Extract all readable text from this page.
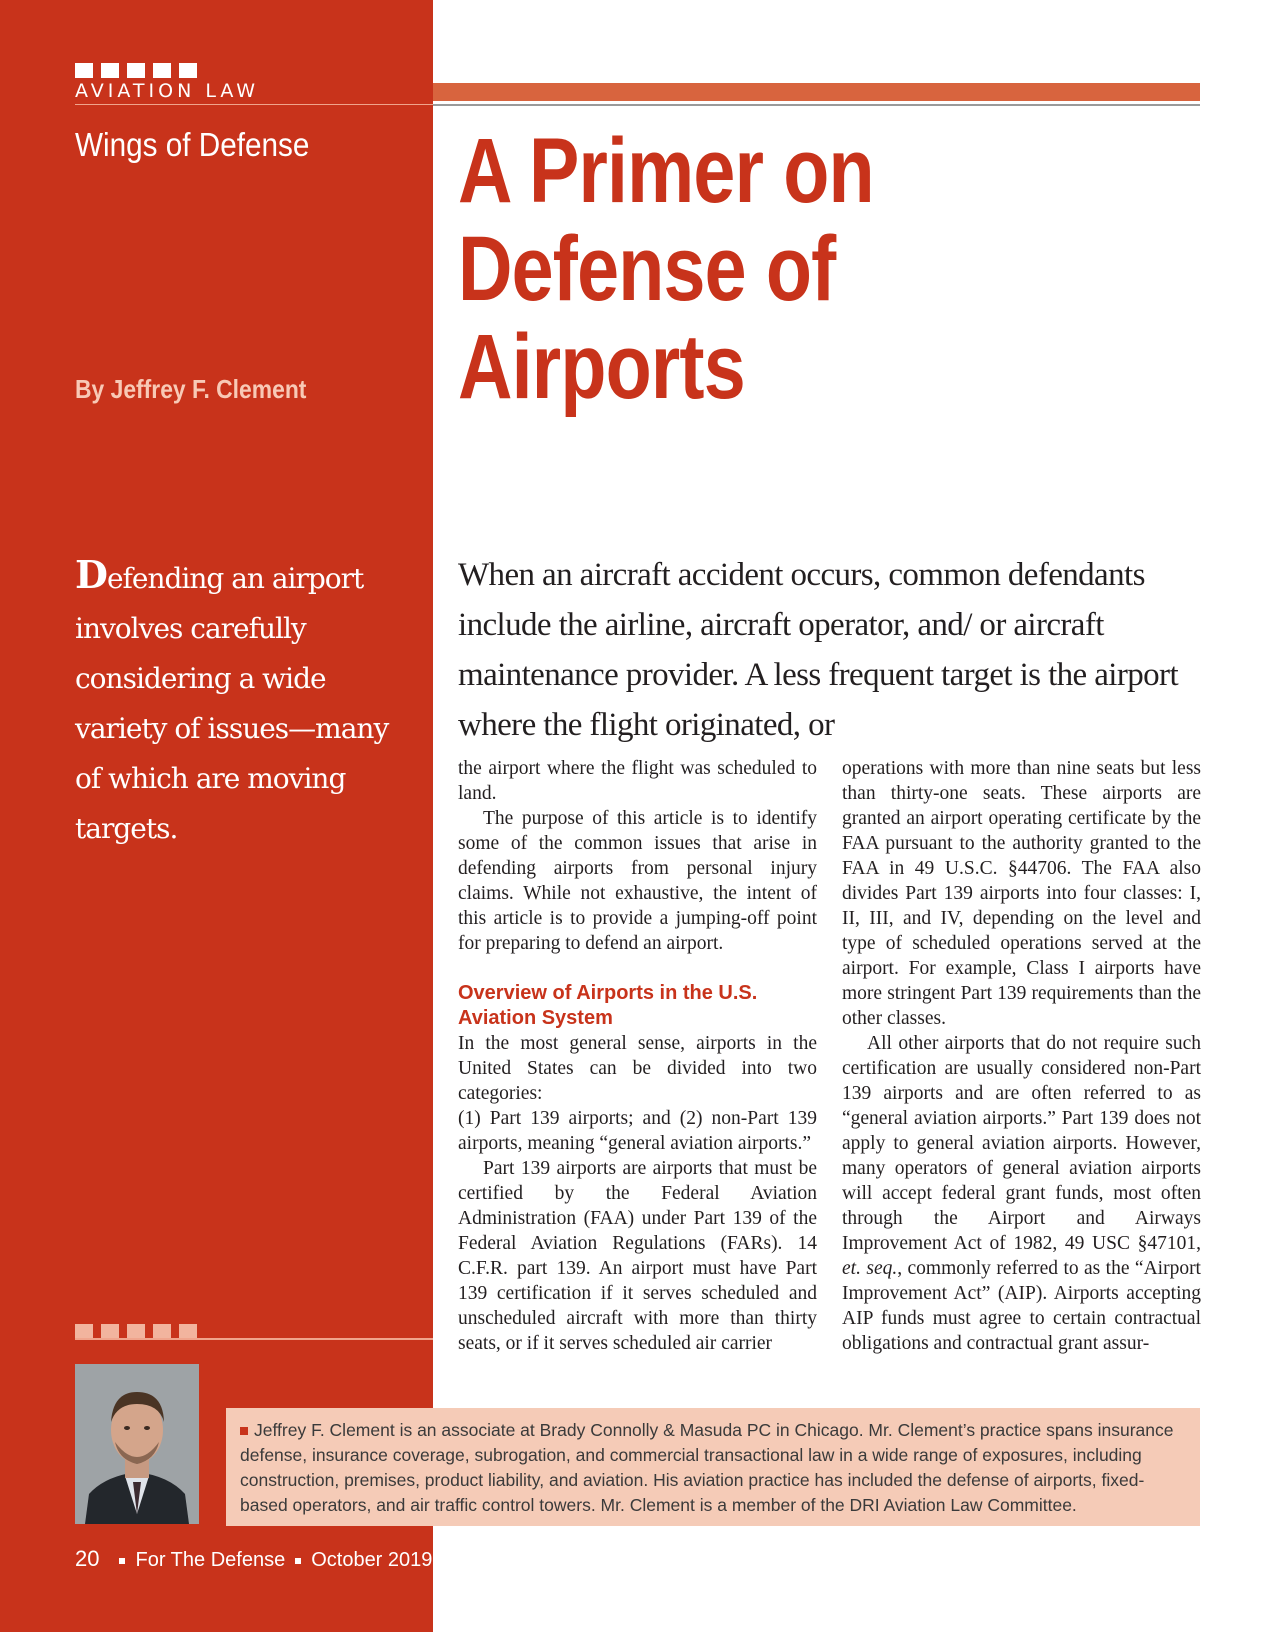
AVIATION LAW
Wings of Defense A Primer on Defense of Airports
By Jeffrey F. Clement
Defending an airport involves carefully considering a wide variety of issues—many of which are moving targets.
When an aircraft accident occurs, common defendants include the airline, aircraft operator, and/ or aircraft maintenance provider. A less frequent target is the airport where the flight originated, or

the airport where the flight was scheduled to land.

The purpose of this article is to identify some of the common issues that arise in defending airports from personal injury claims. While not exhaustive, the intent of this article is to provide a jumping-off point for preparing to defend an airport.

Overview of Airports in the U.S. Aviation System

In the most general sense, airports in the United States can be divided into two categories:

(1) Part 139 airports; and (2) non-Part 139 airports, meaning “general aviation airports.”

Part 139 airports are airports that must be certified by the Federal Aviation Administration (FAA) under Part 139 of the Federal Aviation Regulations (FARs). 14 C.F.R. part 139. An airport must have Part 139 certification if it serves scheduled and unscheduled aircraft with more than thirty seats, or if it serves scheduled air carrier

operations with more than nine seats but less than thirty-one seats. These airports are granted an airport operating certificate by the FAA pursuant to the authority granted to the FAA in 49 U.S.C. §44706. The FAA also divides Part 139 airports into four classes: I, II, III, and IV, depending on the level and type of scheduled operations served at the airport. For example, Class I airports have more stringent Part 139 requirements than the other classes.

All other airports that do not require such certification are usually considered non-Part 139 airports and are often referred to as “general aviation airports.” Part 139 does not apply to general aviation airports. However, many operators of general aviation airports will accept federal grant funds, most often through the Airport and Airways Improvement Act of 1982, 49 USC §47101, et. seq., commonly referred to as the “Airport Improvement Act” (AIP). Airports accepting AIP funds must agree to certain contractual obligations and contractual grant assur-

Jeffrey F. Clement is an associate at Brady Connolly & Masuda PC in Chicago. Mr. Clement’s practice spans insurance defense, insurance coverage, subrogation, and commercial transactional law in a wide range of exposures, including construction, premises, product liability, and aviation. His aviation practice has included the defense of airports, fixed-based operators, and air traffic control towers. Mr. Clement is a member of the DRI Aviation Law Committee.
20 For The Defense October 2019
